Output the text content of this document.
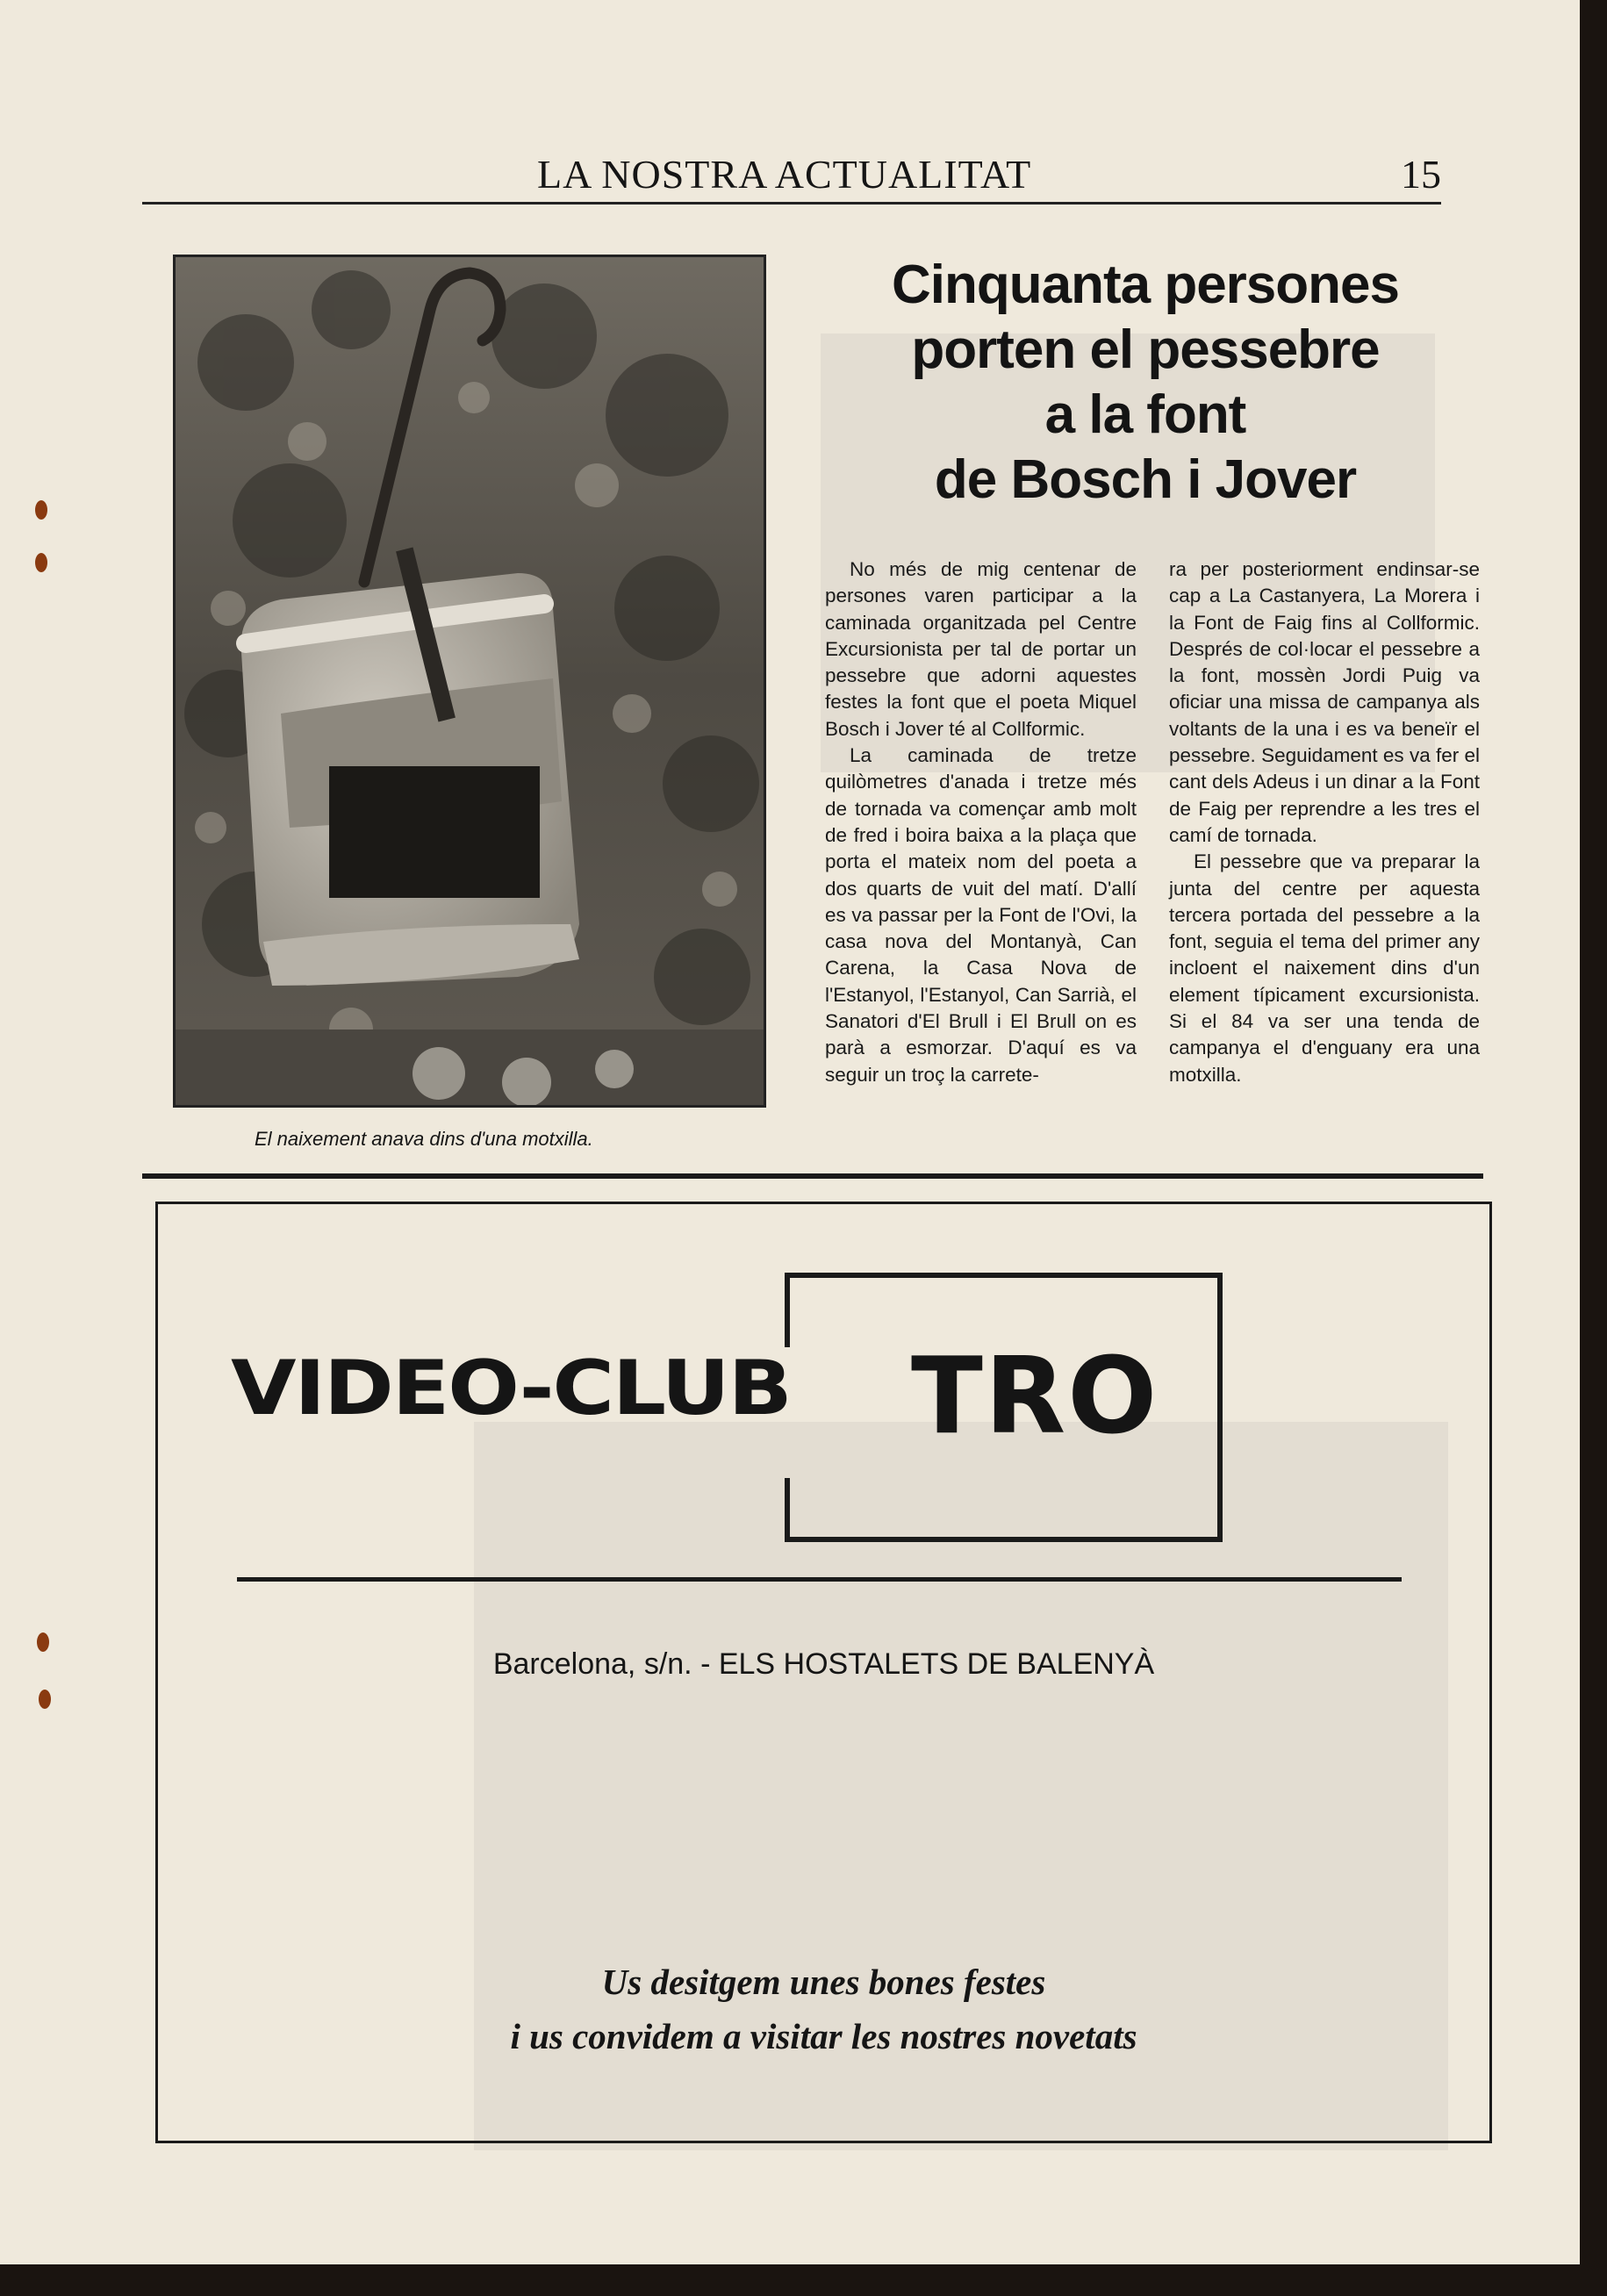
LA NOSTRA ACTUALITAT	15
El naixement anava dins d'una motxilla.
Cinquanta persones
porten el pessebre
a la font
de Bosch i Jover

No més de mig centenar de persones varen participar a la caminada organitzada pel Centre Excursionista per tal de portar un pessebre que adorni aquestes festes la font que el poeta Miquel Bosch i Jover té al Collformic.

La caminada de tretze quilòmetres d'anada i tretze més de tornada va començar amb molt de fred i boira baixa a la plaça que porta el mateix nom del poeta a dos quarts de vuit del matí. D'allí es va passar per la Font de l'Ovi, la casa nova del Montanyà, Can Carena, la Casa Nova de l'Estanyol, l'Estanyol, Can Sarrià, el Sanatori d'El Brull i El Brull on es parà a esmorzar. D'aquí es va seguir un troç la carrete-

ra per posteriorment endinsar-se cap a La Castanyera, La Morera i la Font de Faig fins al Collformic. Després de col·locar el pessebre a la font, mossèn Jordi Puig va oficiar una missa de campanya als voltants de la una i es va beneïr el pessebre. Seguidament es va fer el cant dels Adeus i un dinar a la Font de Faig per reprendre a les tres el camí de tornada.

El pessebre que va preparar la junta del centre per aquesta tercera portada del pessebre a la font, seguia el tema del primer any incloent el naixement dins d'un element típicament excursionista. Si el 84 va ser una tenda de campanya el d'enguany era una motxilla.

VIDEO-CLUB TRO
Barcelona, s/n. - ELS HOSTALETS DE BALENYÀ
Us desitgem unes bones festes
i us convidem a visitar les nostres novetats
